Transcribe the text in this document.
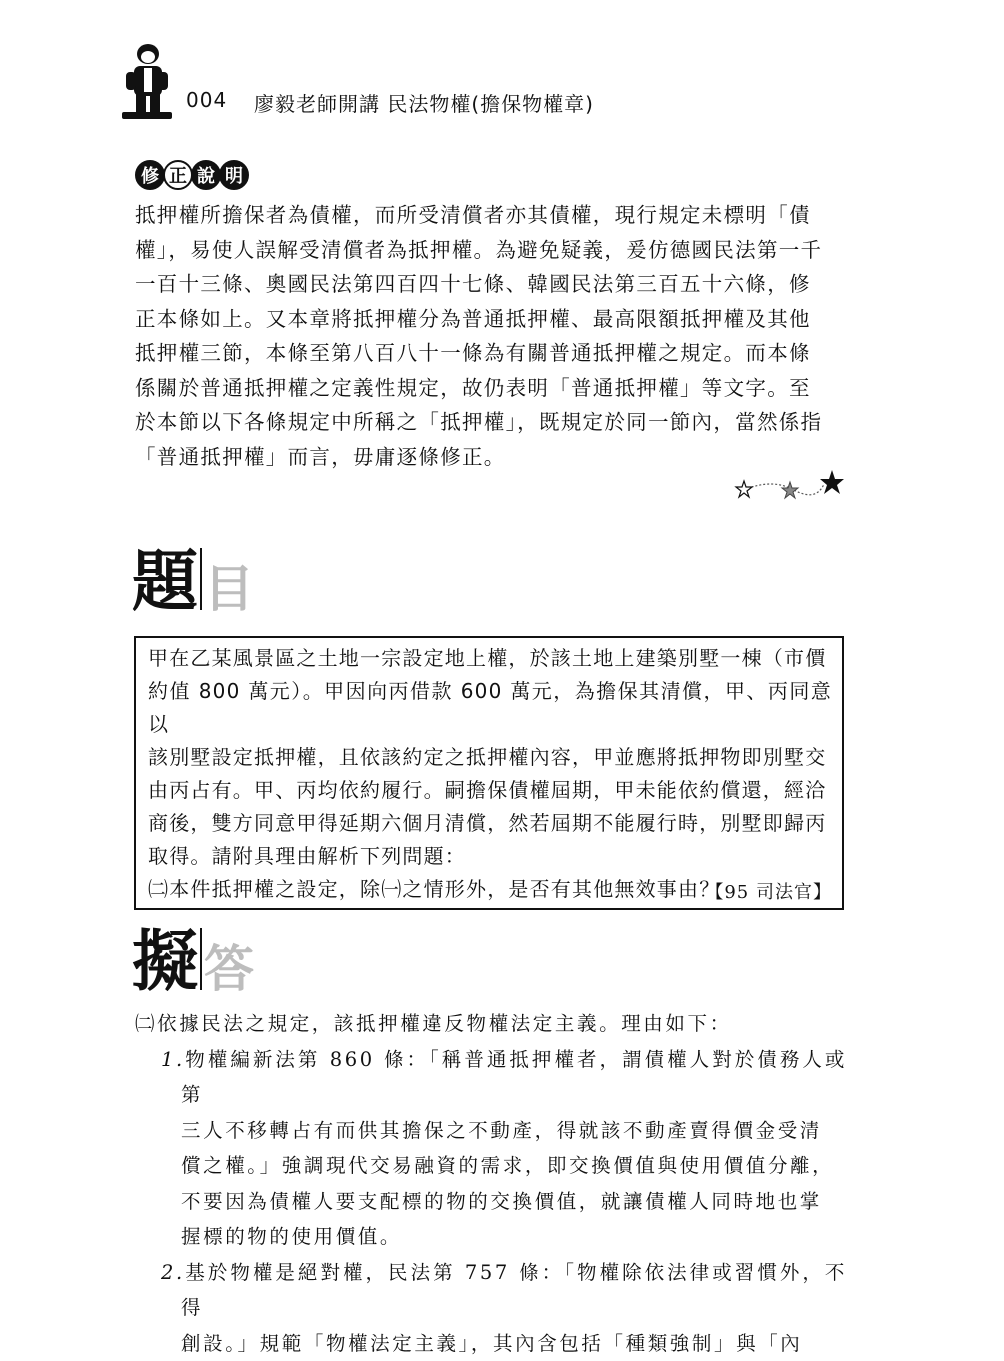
004 廖毅老師開講 民法物權(擔保物權章)
修 正 說 明

抵押權所擔保者為債權，而所受清償者亦其債權，現行規定未標明「債

權」，易使人誤解受清償者為抵押權。為避免疑義，爰仿德國民法第一千

一百十三條、奧國民法第四百四十七條、韓國民法第三百五十六條，修

正本條如上。又本章將抵押權分為普通抵押權、最高限額抵押權及其他

抵押權三節，本條至第八百八十一條為有關普通抵押權之規定。而本條

係關於普通抵押權之定義性規定，故仍表明「普通抵押權」等文字。至

於本節以下各條規定中所稱之「抵押權」，既規定於同一節內，當然係指

「普通抵押權」而言，毋庸逐條修正。

題 目

甲在乙某風景區之土地一宗設定地上權，於該土地上建築別墅一棟（市價

約值 800 萬元）。甲因向丙借款 600 萬元，為擔保其清償，甲、丙同意以

該別墅設定抵押權，且依該約定之抵押權內容，甲並應將抵押物即別墅交

由丙占有。甲、丙均依約履行。嗣擔保債權屆期，甲未能依約償還，經洽

商後，雙方同意甲得延期六個月清償，然若屆期不能履行時，別墅即歸丙

取得。請附具理由解析下列問題：

㈡本件抵押權之設定，除㈠之情形外，是否有其他無效事由？

【95 司法官】
擬 答

㈡依據民法之規定，該抵押權違反物權法定主義。理由如下：

1.物權編新法第 860 條：「稱普通抵押權者，謂債權人對於債務人或第

三人不移轉占有而供其擔保之不動產，得就該不動產賣得價金受清

償之權。」強調現代交易融資的需求，即交換價值與使用價值分離，

不要因為債權人要支配標的物的交換價值，就讓債權人同時地也掌

握標的物的使用價值。

2.基於物權是絕對權，民法第 757 條：「物權除依法律或習慣外，不得

創設。」規範「物權法定主義」，其內含包括「種類強制」與「內
